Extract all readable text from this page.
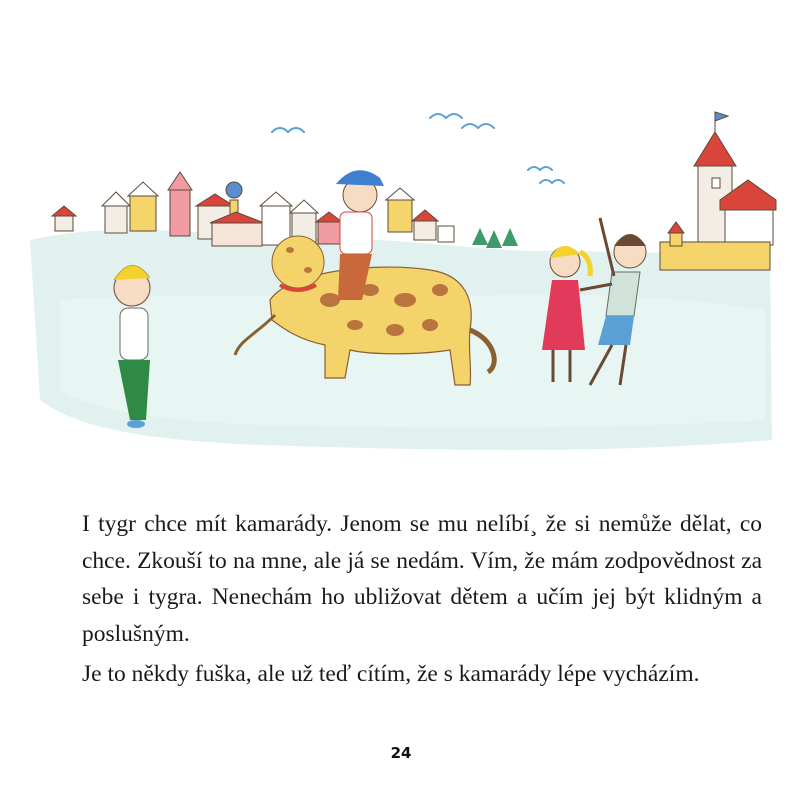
I tygr chce mít kamarády. Jenom se mu nelíbí¸ že si nemůže dělat, co chce. Zkouší to na mne, ale já se nedám. Vím, že mám zodpovědnost za sebe i tygra. Nenechám ho ubližovat dětem a učím jej být klidným a poslušným.

Je to někdy fuška, ale už teď cítím, že s kamarády lépe vycházím.

24
